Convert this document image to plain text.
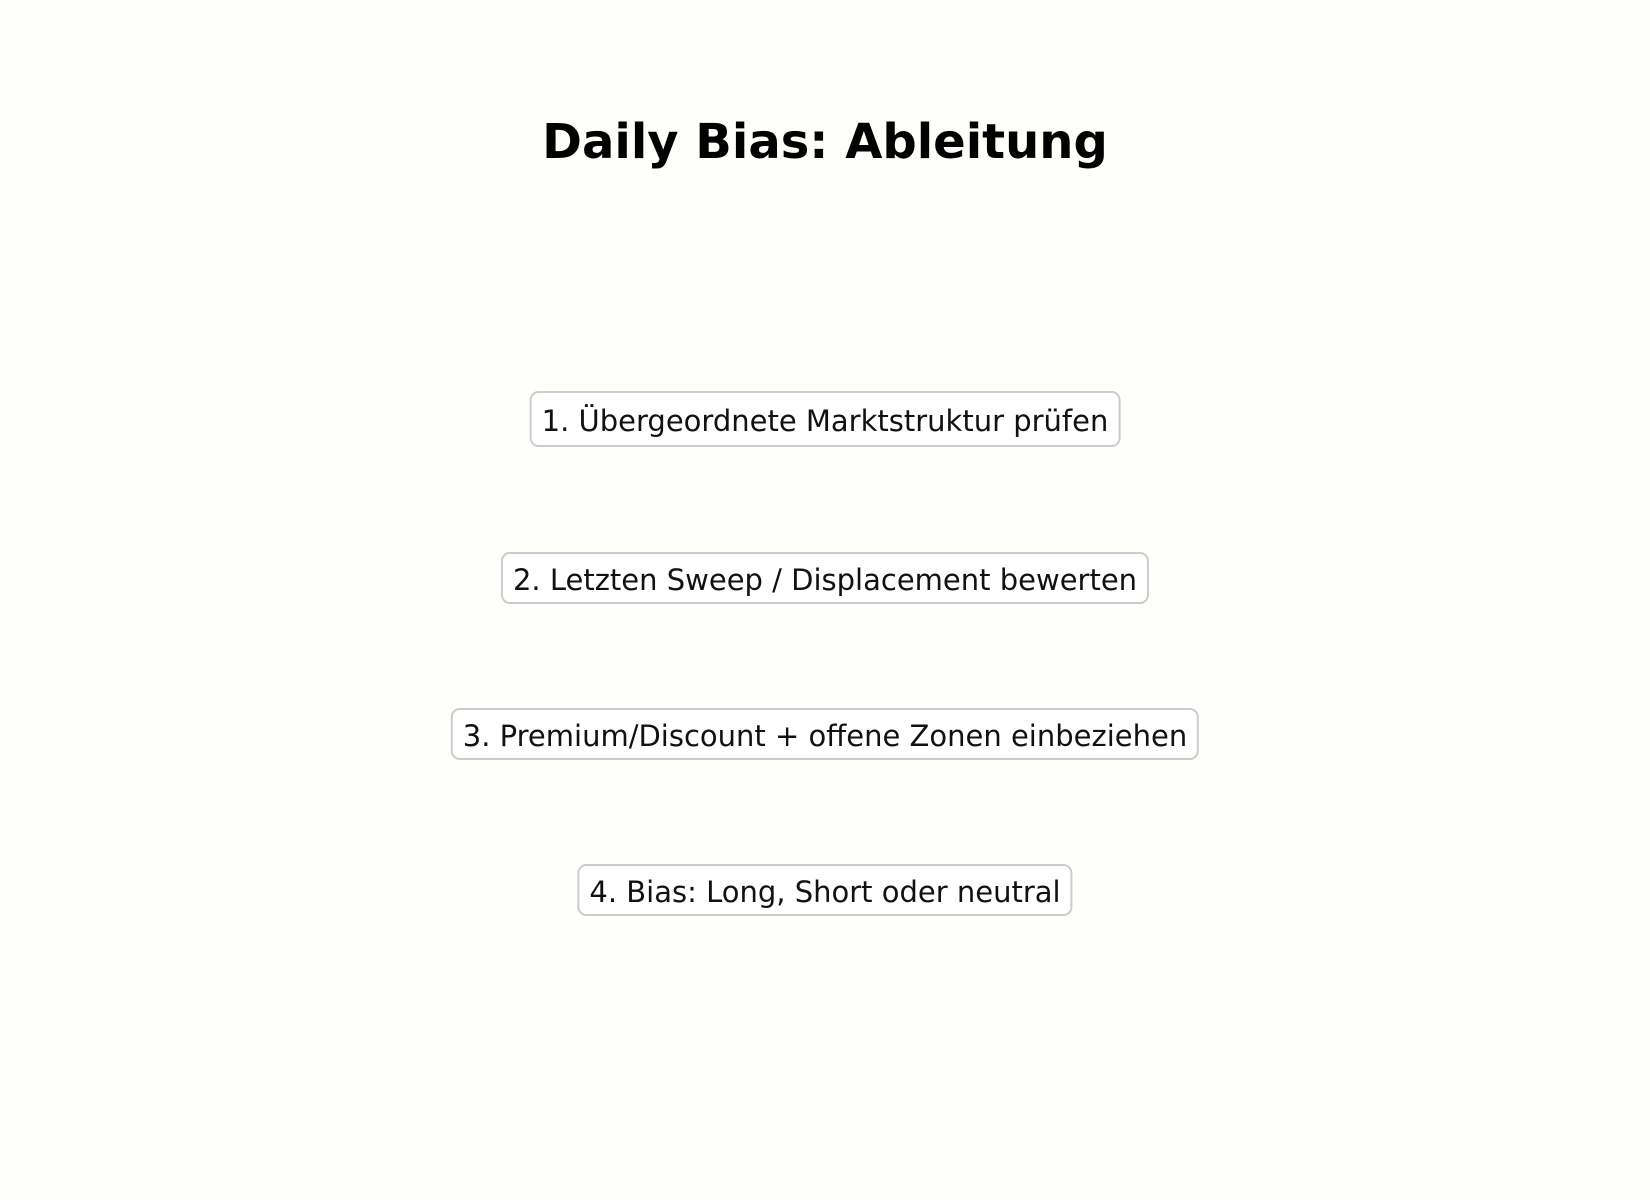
Daily Bias: Ableitung
1. Übergeordnete Marktstruktur prüfen
2. Letzten Sweep / Displacement bewerten
3. Premium/Discount + offene Zonen einbeziehen
4. Bias: Long, Short oder neutral
